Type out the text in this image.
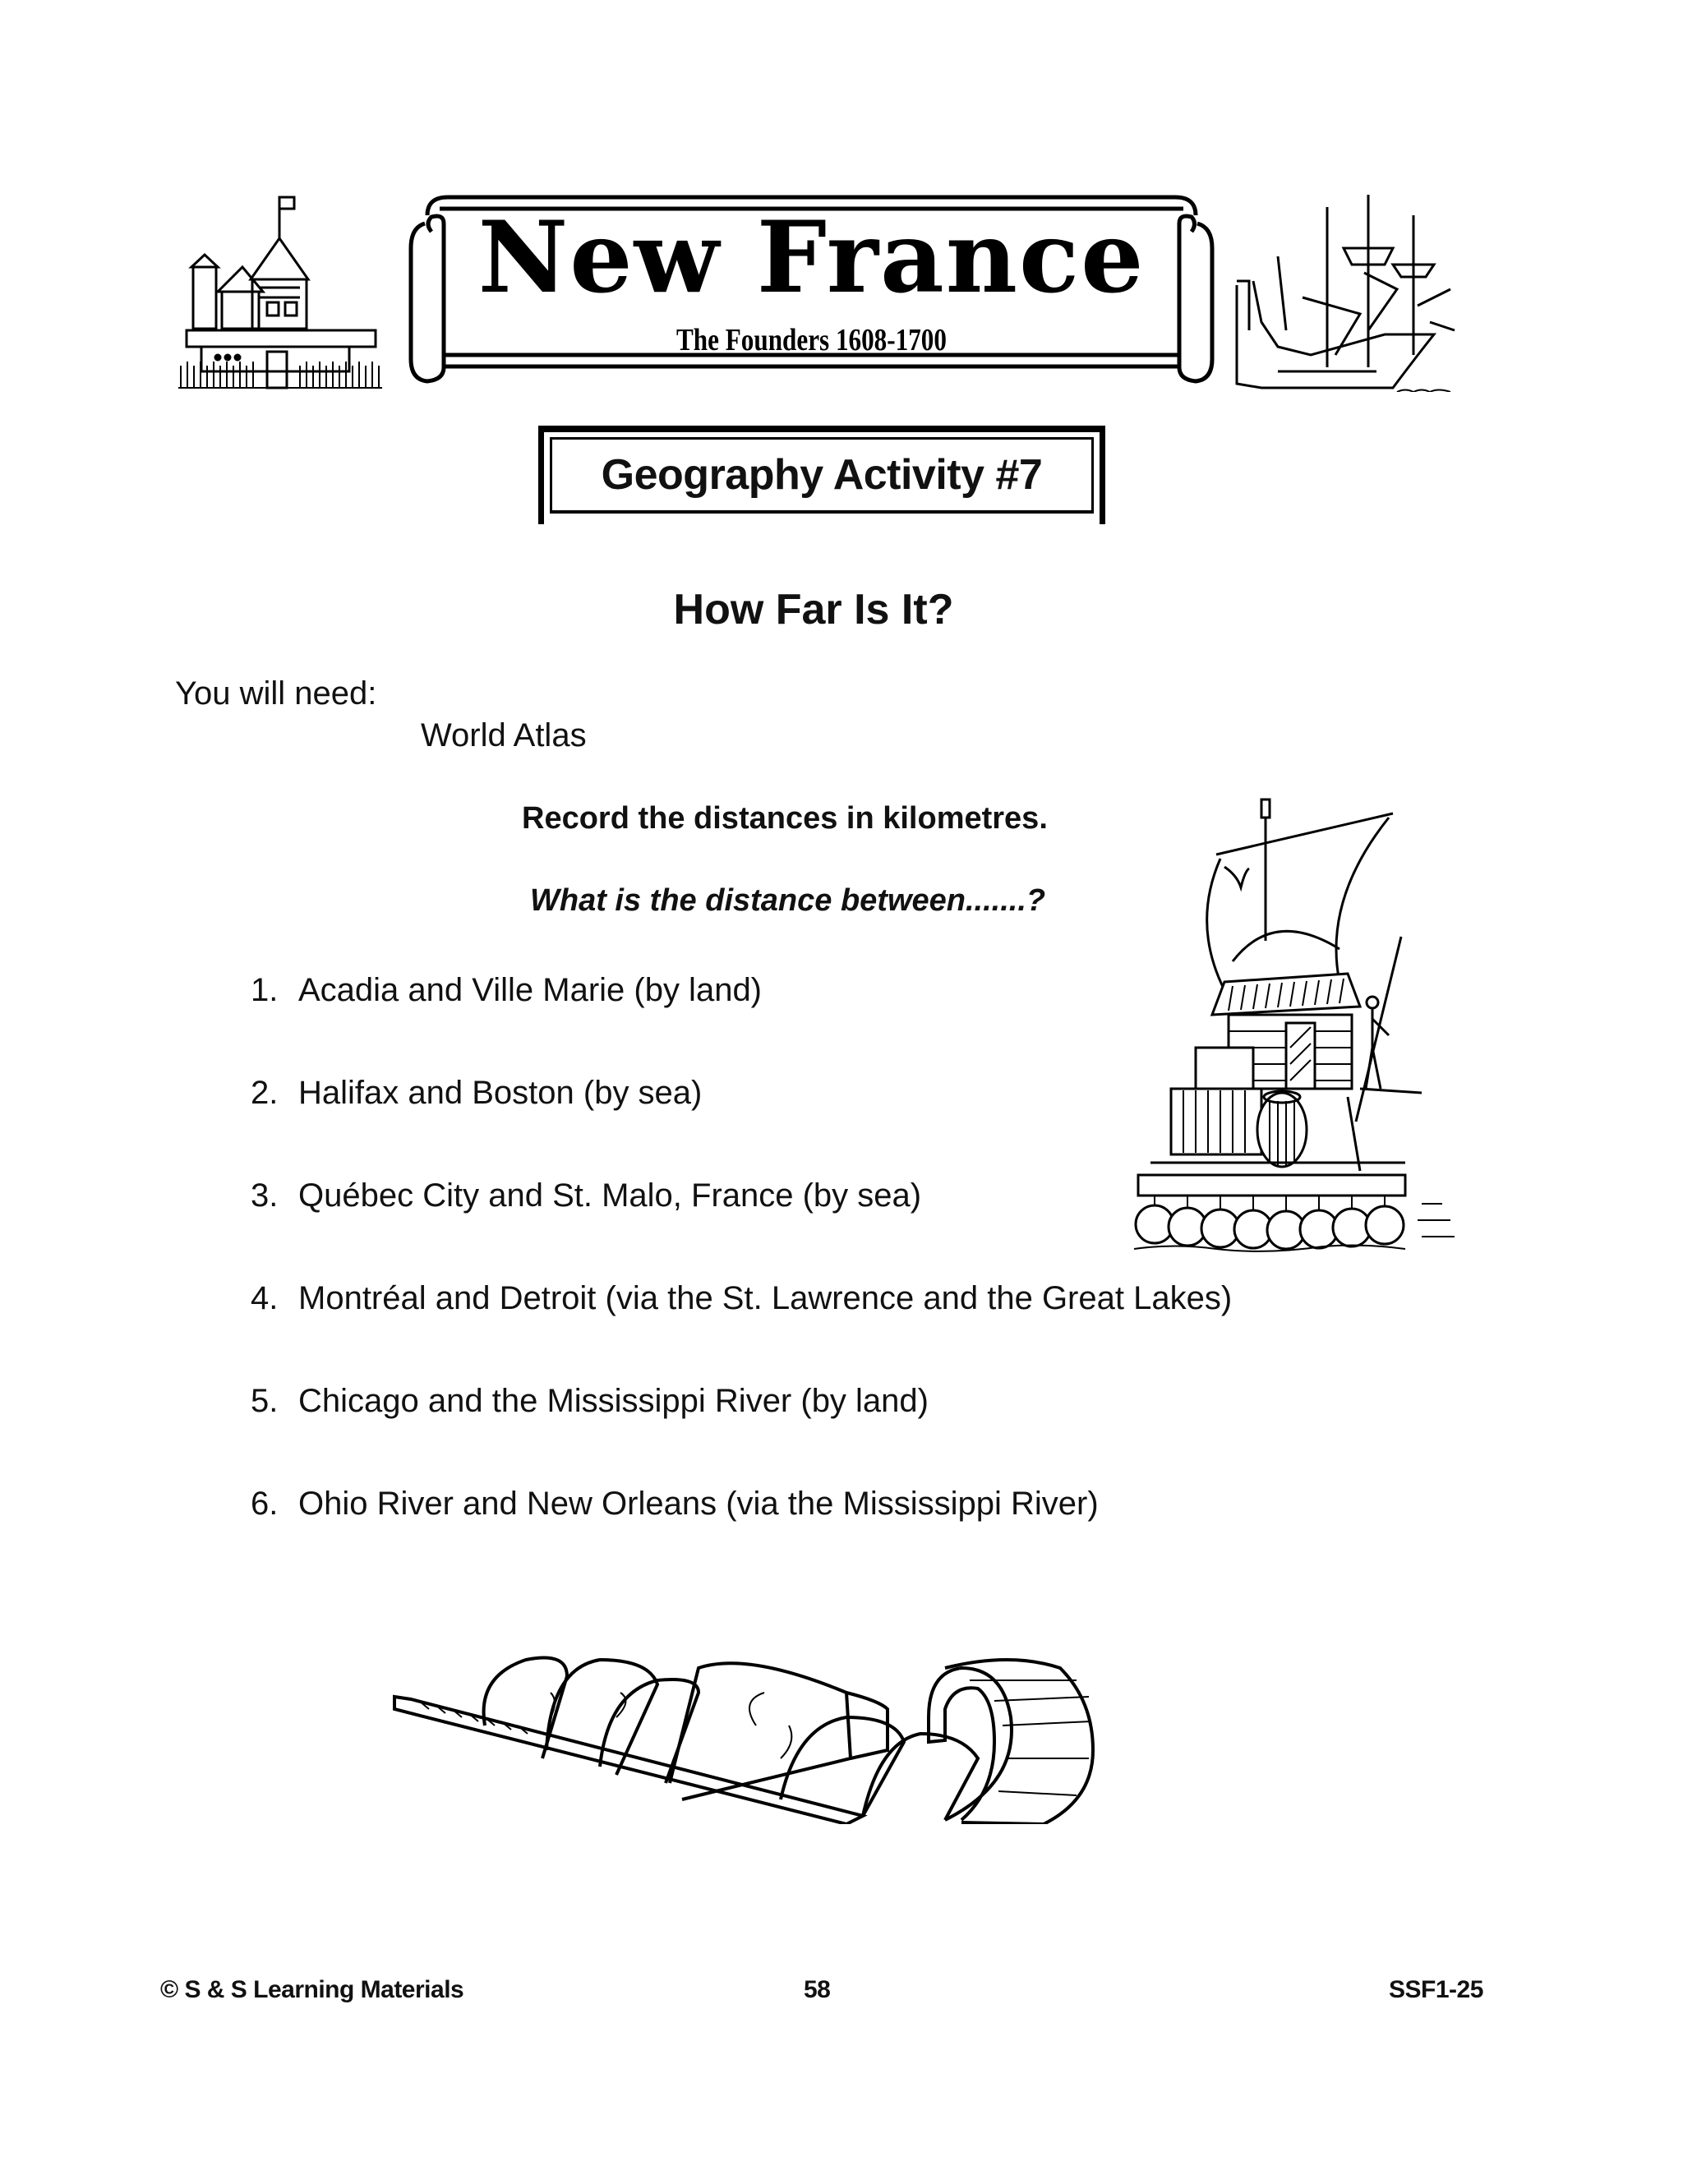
New France
The Founders 1608-1700
Geography Activity #7
How Far Is It?
You will need:
World Atlas
Record the distances in kilometres.
What is the distance between.......?
1. Acadia and Ville Marie (by land)
2. Halifax and Boston (by sea)
3. Québec City and St. Malo, France (by sea)
4. Montréal and Detroit (via the St. Lawrence and the Great Lakes)
5. Chicago and the Mississippi River (by land)
6. Ohio River and New Orleans (via the Mississippi River)
© S & S Learning Materials	58	SSF1-25
